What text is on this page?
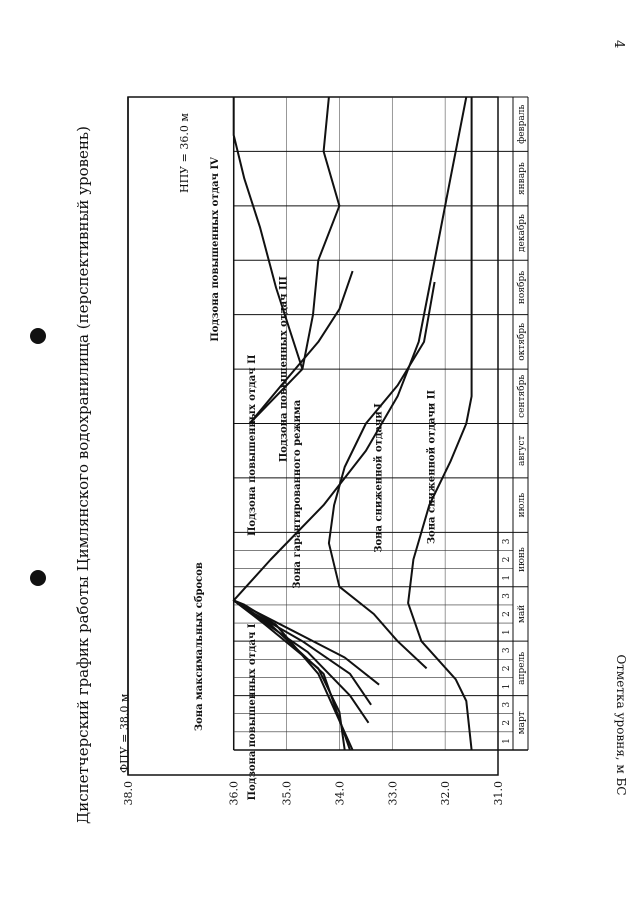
4
Диспетчерский график работы Цимлянского водохранилища (перспективный уровень)	Отметка уровня, м БС
ФПУ = 38.0 м
НПУ = 36.0 м
38.0	36.0	35.0	34.0	33.0	32.0	31.0
Подзона повышенных отдач I
Зона максимальных сбросов
Подзона повышенных отдач II Подзона повышенных отдач III
Подзона повышенных отдач IV
Зона гарантированного режима	Зона сниженной отдачи I	Зона сниженной отдачи II
март
1
2
3
апрель
1
2
3
май
1
2
3
июнь
1
2
3
июль
август
сентябрь
октябрь
ноябрь
декабрь
январь
февраль
